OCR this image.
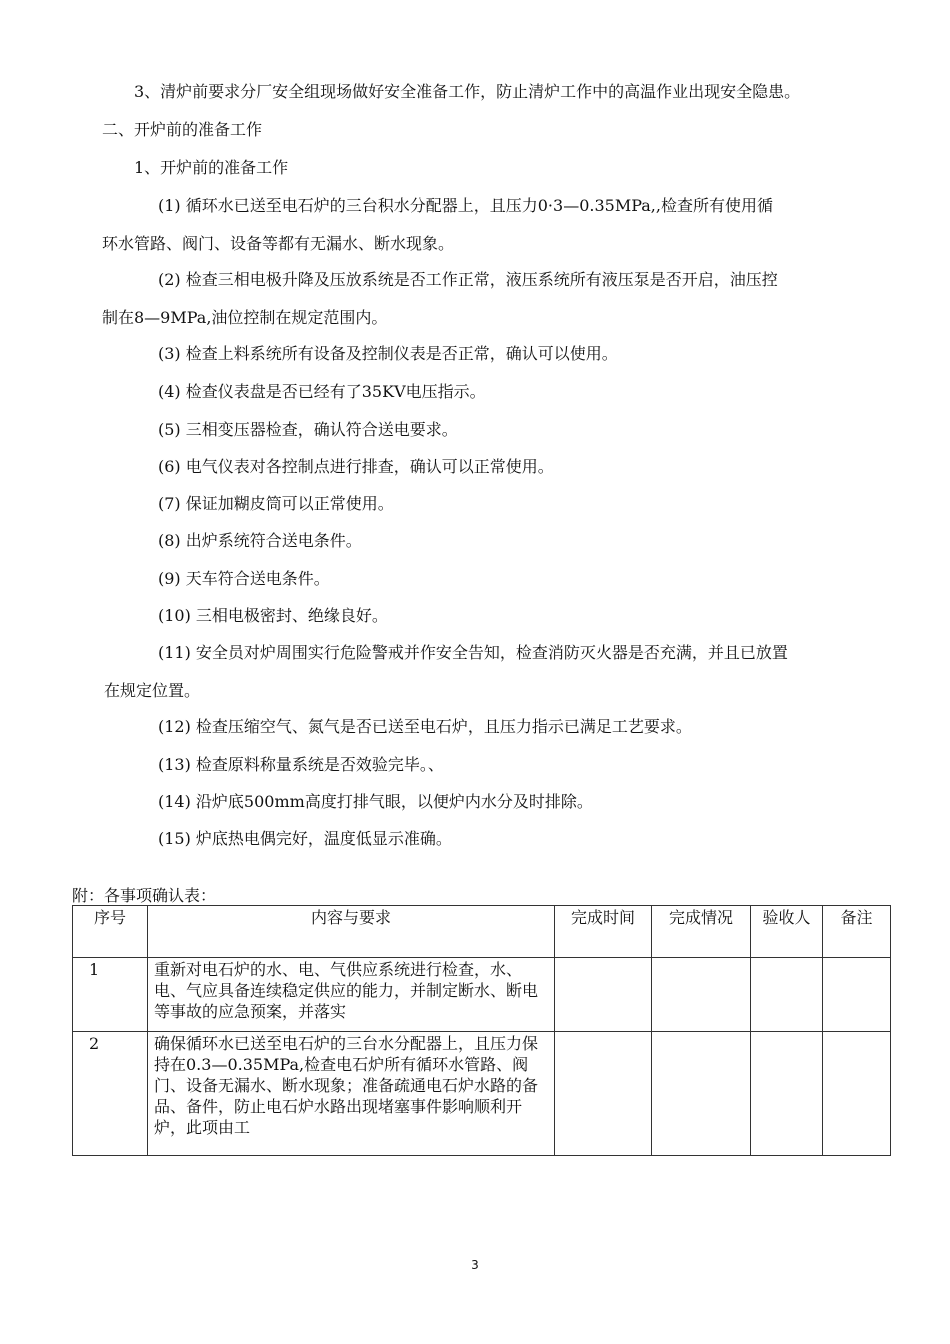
3、清炉前要求分厂安全组现场做好安全准备工作，防止清炉工作中的高温作业出现安全隐患。
二、开炉前的准备工作
1、开炉前的准备工作
(1) 循环水已送至电石炉的三台积水分配器上，且压力0·3—0.35MPa,,检查所有使用循
环水管路、阀门、设备等都有无漏水、断水现象。
(2) 检查三相电极升降及压放系统是否工作正常，液压系统所有液压泵是否开启，油压控
制在8—9MPa,油位控制在规定范围内。
(3) 检查上料系统所有设备及控制仪表是否正常，确认可以使用。
(4) 检查仪表盘是否已经有了35KV电压指示。
(5) 三相变压器检查，确认符合送电要求。
(6) 电气仪表对各控制点进行排查，确认可以正常使用。
(7) 保证加糊皮筒可以正常使用。
(8) 出炉系统符合送电条件。
(9) 天车符合送电条件。
(10) 三相电极密封、绝缘良好。
(11) 安全员对炉周围实行危险警戒并作安全告知，检查消防灭火器是否充满，并且已放置
在规定位置。
(12) 检查压缩空气、氮气是否已送至电石炉，且压力指示已满足工艺要求。
(13) 检查原料称量系统是否效验完毕。、
(14) 沿炉底500mm高度打排气眼，以便炉内水分及时排除。
(15) 炉底热电偶完好，温度低显示准确。
附：各事项确认表：
序号	内容与要求	完成时间	完成情况	验收人	备注
1	重新对电石炉的水、电、气供应系统进行检查，水、电、气应具备连续稳定供应的能力，并制定断水、断电等事故的应急预案，并落实				

2	确保循环水已送至电石炉的三台水分配器上，且压力保持在0.3—0.35MPa,检查电石炉所有循环水管路、阀门、设备无漏水、断水现象；准备疏通电石炉水路的备品、备件，防止电石炉水路出现堵塞事件影响顺利开炉，此项由工				

3
